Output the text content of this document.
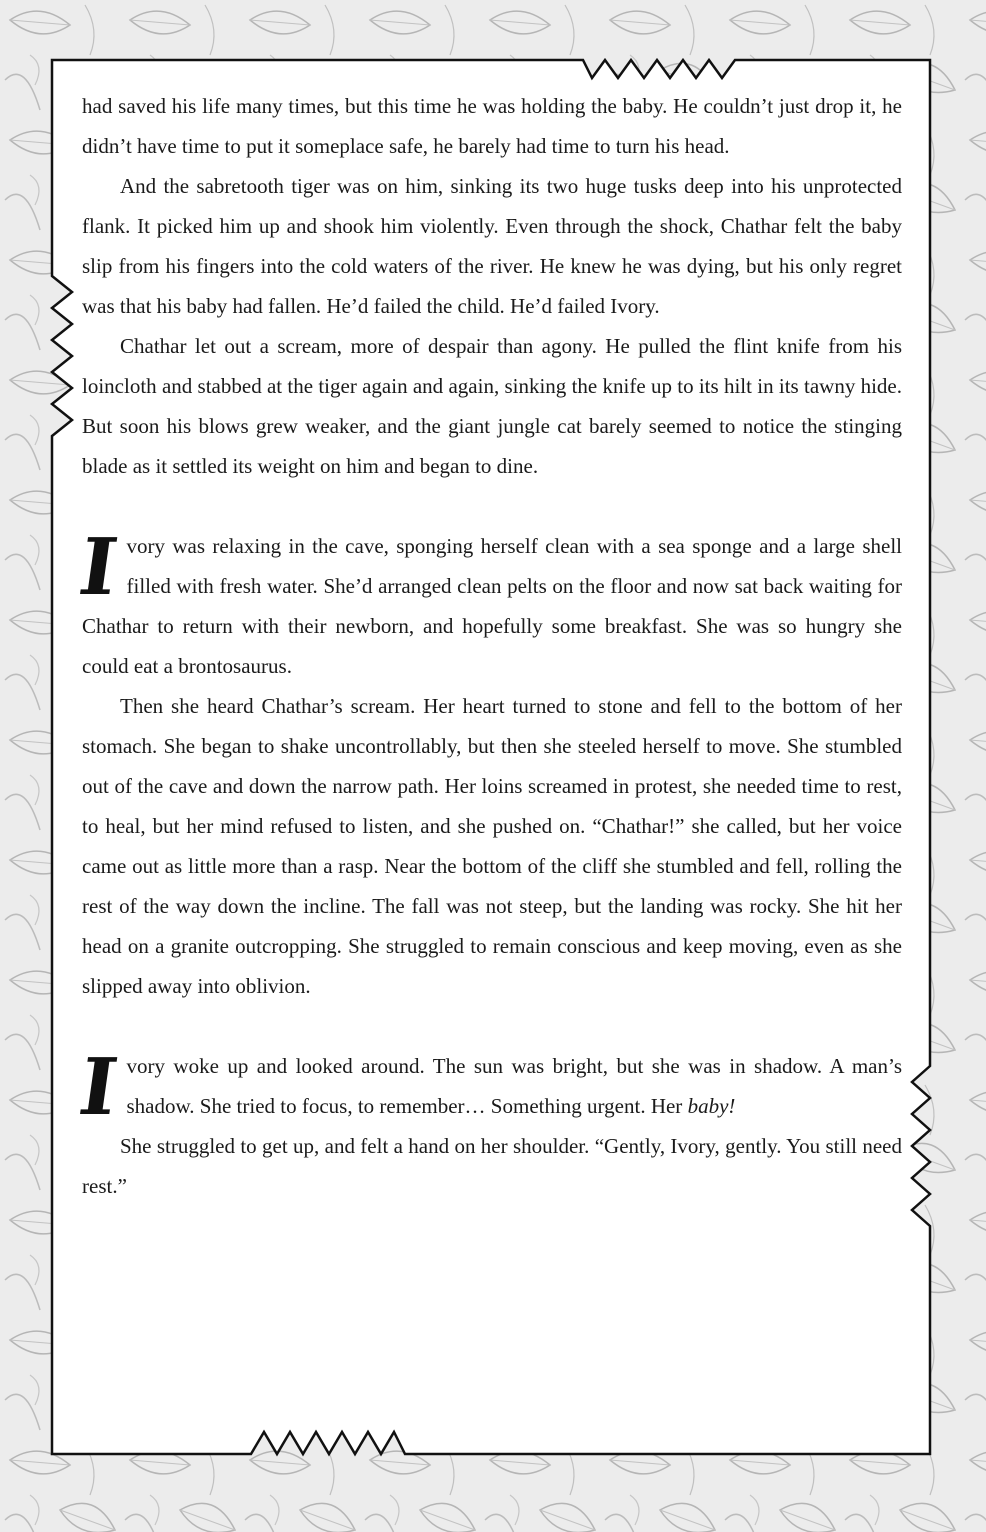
had saved his life many times, but this time he was holding the baby. He couldn’t just drop it, he didn’t have time to put it someplace safe, he barely had time to turn his head.

And the sabretooth tiger was on him, sinking its two huge tusks deep into his unprotected flank. It picked him up and shook him violently. Even through the shock, Chathar felt the baby slip from his fingers into the cold waters of the river. He knew he was dying, but his only regret was that his baby had fallen. He’d failed the child. He’d failed Ivory.

Chathar let out a scream, more of despair than agony. He pulled the flint knife from his loincloth and stabbed at the tiger again and again, sinking the knife up to its hilt in its tawny hide. But soon his blows grew weaker, and the giant jungle cat barely seemed to notice the stinging blade as it settled its weight on him and began to dine.

Ivory was relaxing in the cave, sponging herself clean with a sea sponge and a large shell filled with fresh water. She’d arranged clean pelts on the floor and now sat back waiting for Chathar to return with their newborn, and hopefully some breakfast. She was so hungry she could eat a brontosaurus.

Then she heard Chathar’s scream. Her heart turned to stone and fell to the bottom of her stomach. She began to shake uncontrollably, but then she steeled herself to move. She stumbled out of the cave and down the narrow path. Her loins screamed in protest, she needed time to rest, to heal, but her mind refused to listen, and she pushed on. “Chathar!” she called, but her voice came out as little more than a rasp. Near the bottom of the cliff she stumbled and fell, rolling the rest of the way down the incline. The fall was not steep, but the landing was rocky. She hit her head on a granite outcropping. She struggled to remain conscious and keep moving, even as she slipped away into oblivion.

Ivory woke up and looked around. The sun was bright, but she was in shadow. A man’s shadow. She tried to focus, to remember… Something urgent. Her baby!

She struggled to get up, and felt a hand on her shoulder. “Gently, Ivory, gently. You still need rest.”
